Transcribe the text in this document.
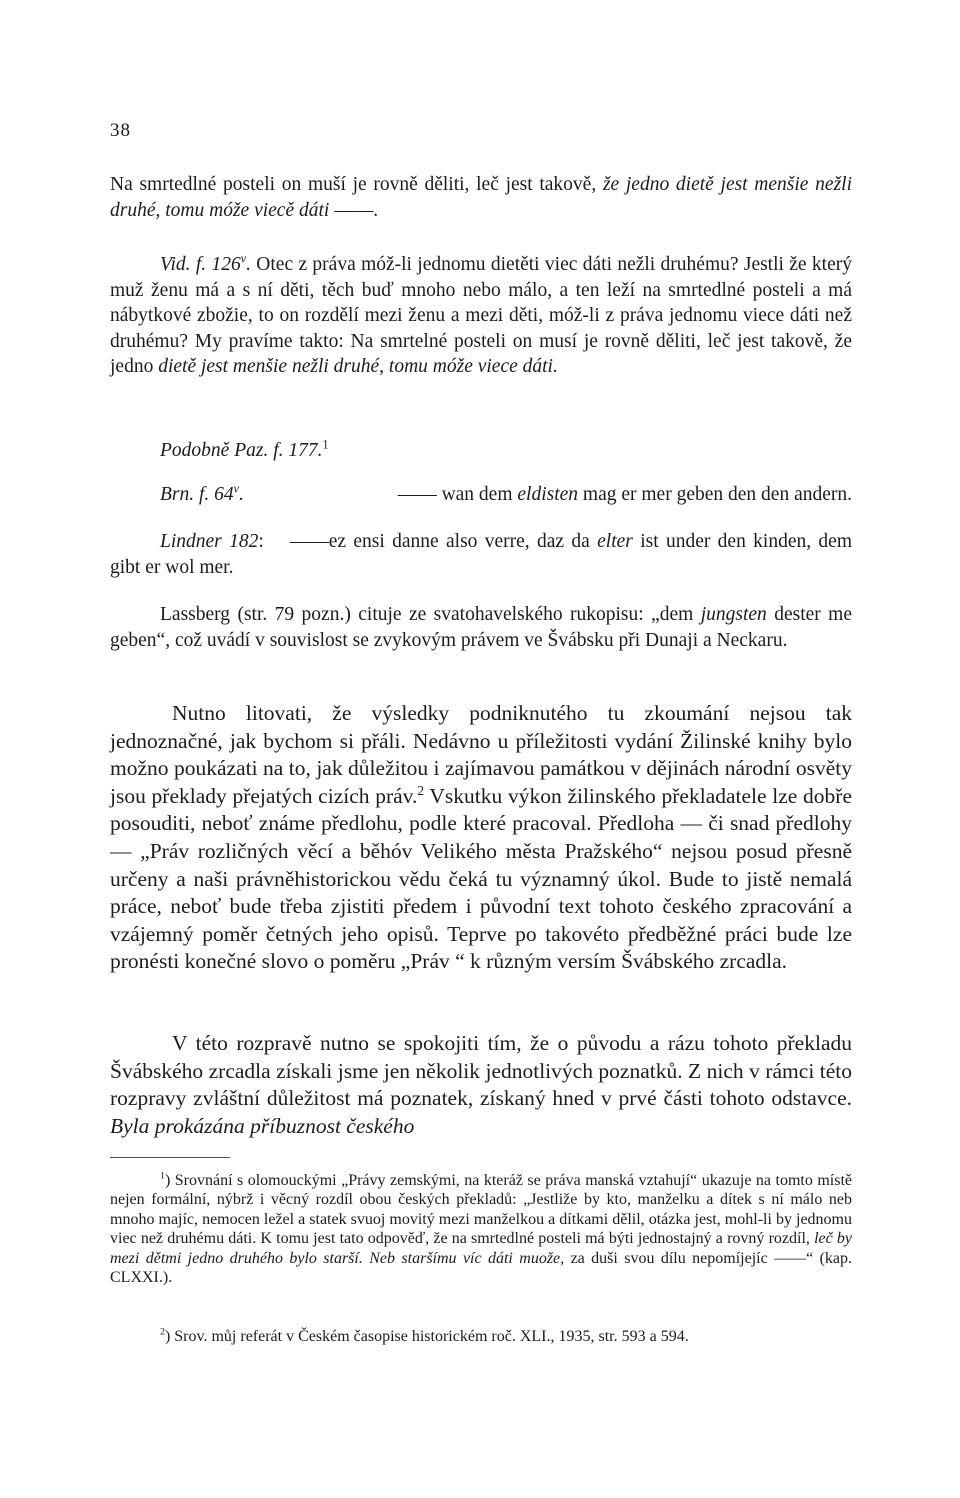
38

Na smrtedlné posteli on muší je rovně děliti, leč jest takově, že jedno dietě jest menšie nežli druhé, tomu móže viecě dáti ——.

Vid. f. 126$^v$. Otec z práva móž-li jednomu dietěti viec dáti nežli druhému? Jestli že který muž ženu má a s ní děti, těch buď mnoho nebo málo, a ten leží na smrtedlné posteli a má nábytkové zbožie, to on rozdělí mezi ženu a mezi děti, móž-li z práva jednomu viece dáti než druhému? My pravíme takto: Na smrtelné posteli on musí je rovně děliti, leč jest takově, že jedno dietě jest menšie nežli druhé, tomu móže viece dáti.

Podobně Paz. f. 177.$^1$
Brn. f. 64$^v$.	—— wan dem eldisten mag er mer geben den den andern.

Lindner 182: ——ez ensi danne also verre, daz da elter ist under den kinden, dem gibt er wol mer.

Lassberg (str. 79 pozn.) cituje ze svatohavelského rukopisu: „dem jungsten dester me geben“, což uvádí v souvislost se zvykovým právem ve Švábsku při Dunaji a Neckaru.

Nutno litovati, že výsledky podniknutého tu zkoumání nejsou tak jednoznačné, jak bychom si přáli. Nedávno u příležitosti vydání Žilinské knihy bylo možno poukázati na to, jak důležitou i zajímavou památkou v dějinách národní osvěty jsou překlady přejatých cizích práv.$^2$ Vskutku výkon žilinského překladatele lze dobře posouditi, neboť známe předlohu, podle které pracoval. Předloha — či snad předlohy — „Práv rozličných věcí a běhóv Velikého města Pražského“ nejsou posud přesně určeny a naši právněhistorickou vědu čeká tu významný úkol. Bude to jistě nemalá práce, neboť bude třeba zjistiti předem i původní text tohoto českého zpracování a vzájemný poměr četných jeho opisů. Teprve po takovéto předběžné práci bude lze pronésti konečné slovo o poměru „Práv “ k různým versím Švábského zrcadla.

V této rozpravě nutno se spokojiti tím, že o původu a rázu tohoto překladu Švábského zrcadla získali jsme jen několik jednotlivých poznatků. Z nich v rámci této rozpravy zvláštní důležitost má poznatek, získaný hned v prvé části tohoto odstavce. Byla prokázána příbuznost českého

$^1$) Srovnání s olomouckými „Právy zemskými, na kteráž se práva manská vztahují“ ukazuje na tomto místě nejen formální, nýbrž i věcný rozdíl obou českých překladů: „Jestliže by kto, manželku a dítek s ní málo neb mnoho majíc, nemocen ležel a statek svuoj movitý mezi manželkou a dítkami dělil, otázka jest, mohl-li by jednomu viec než druhému dáti. K tomu jest tato odpověď, že na smrtedlné posteli má býti jednostajný a rovný rozdíl, leč by mezi dětmi jedno druhého bylo starší. Neb staršímu víc dáti muože, za duši svou dílu nepomíjejíc ——“ (kap. CLXXI.).

$^2$) Srov. můj referát v Českém časopise historickém roč. XLI., 1935, str. 593 a 594.
